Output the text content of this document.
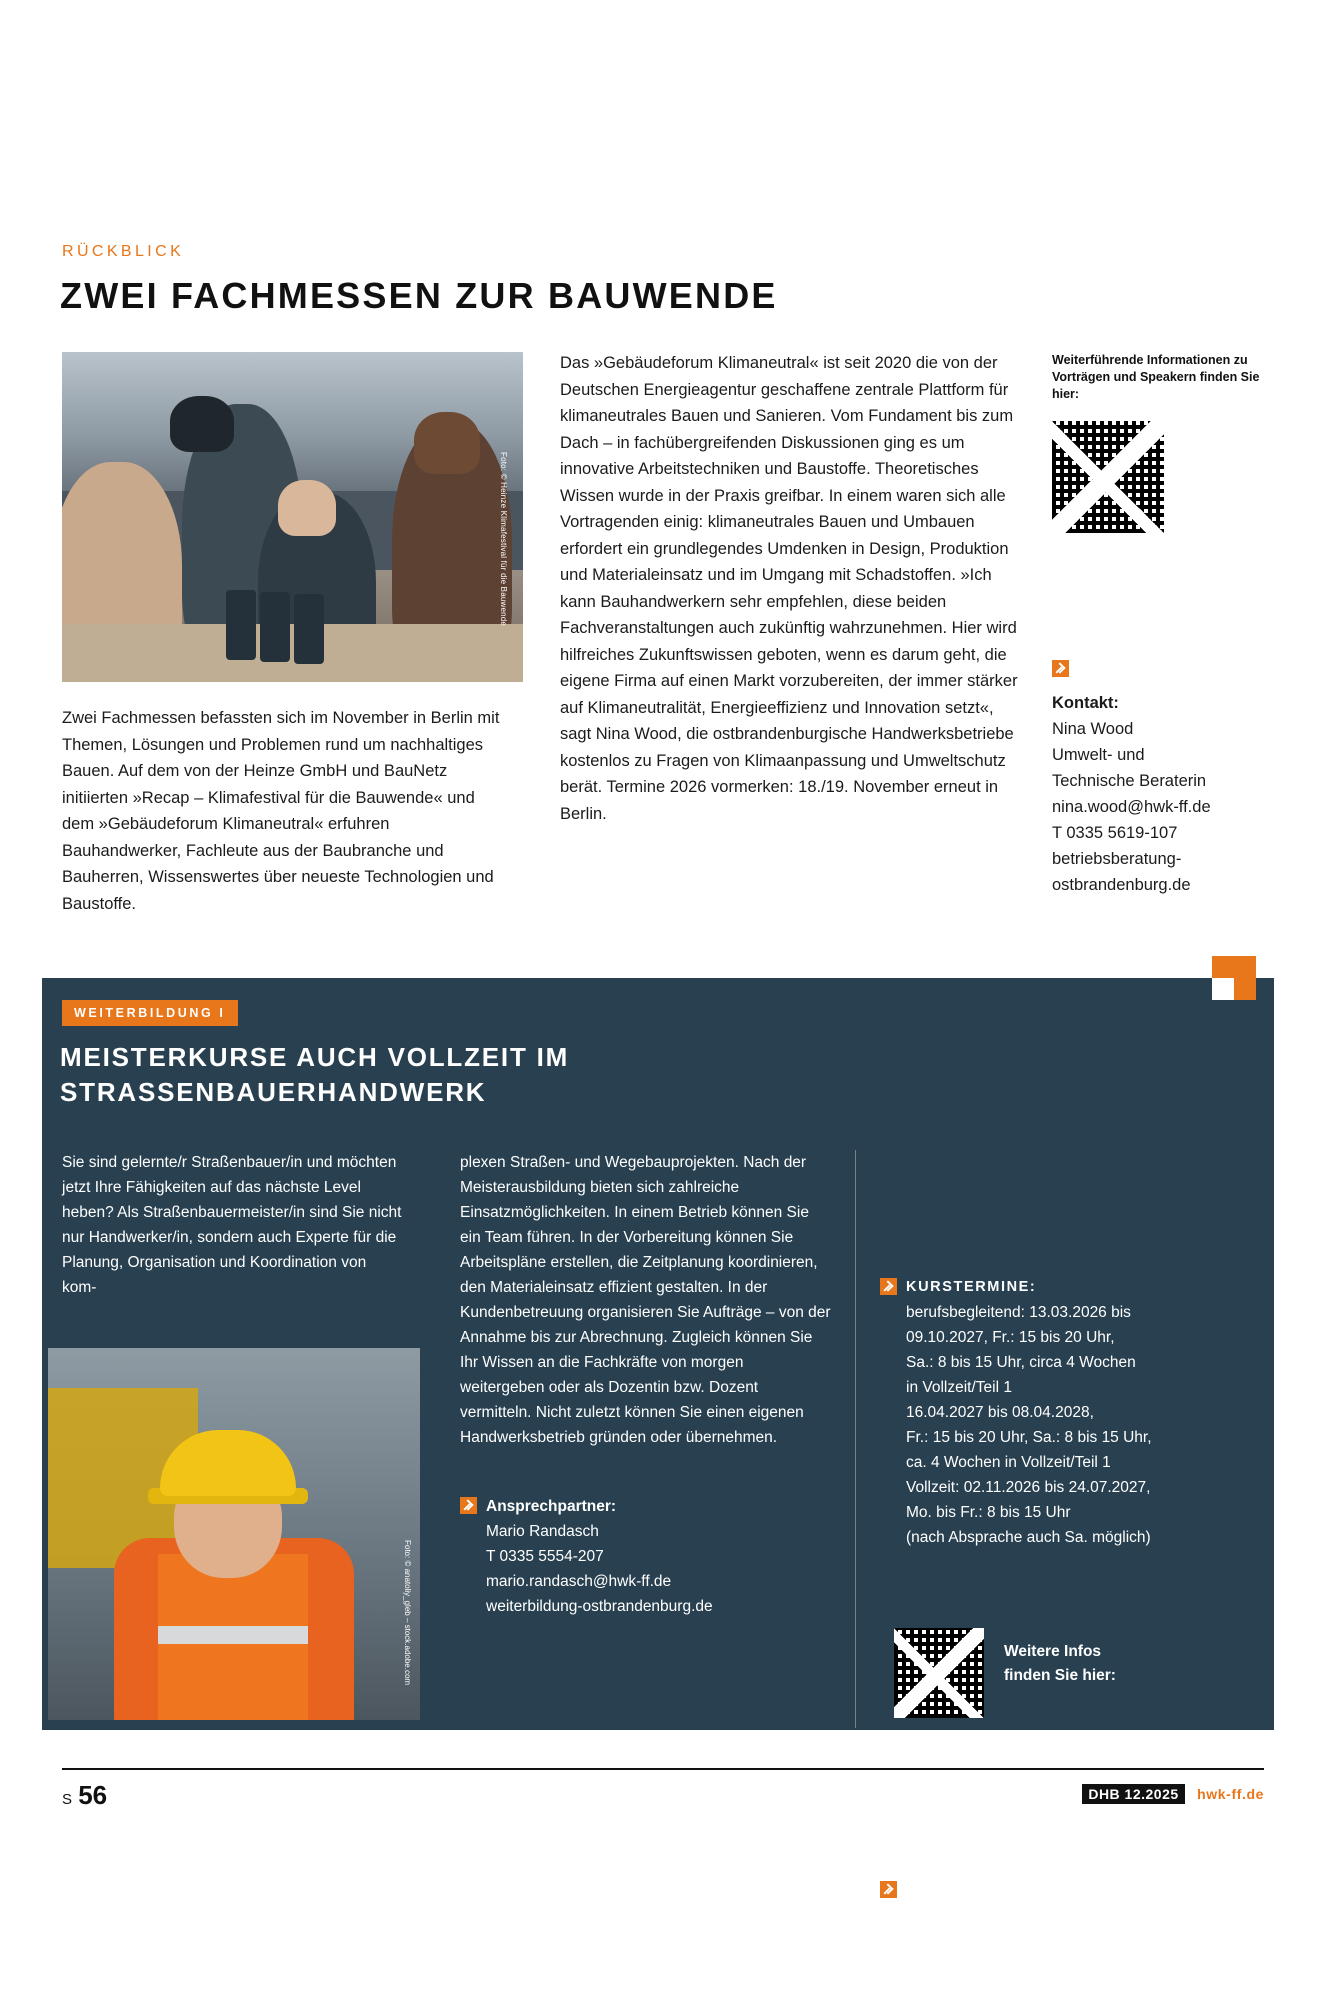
RÜCKBLICK
ZWEI FACHMESSEN ZUR BAUWENDE
Foto: © Heinze Klimafestival für die Bauwende
Zwei Fachmessen befassten sich im November in Berlin mit Themen, Lösungen und Problemen rund um nachhaltiges Bauen. Auf dem von der Heinze GmbH und BauNetz initiierten »Recap – Klimafestival für die Bauwende« und dem »Gebäudeforum Klimaneutral« erfuhren Bauhandwerker, Fachleute aus der Baubranche und Bauherren, Wissenswertes über neueste Technologien und Baustoffe.
Das »Gebäudeforum Klimaneutral« ist seit 2020 die von der Deutschen Energieagentur geschaffene zentrale Plattform für klimaneutrales Bauen und Sanieren. Vom Fundament bis zum Dach – in fachübergreifenden Diskussionen ging es um innovative Arbeitstechniken und Baustoffe. Theoretisches Wissen wurde in der Praxis greifbar. In einem waren sich alle Vortragenden einig: klimaneutrales Bauen und Umbauen erfordert ein grundlegendes Umdenken in Design, Produktion und Materialeinsatz und im Umgang mit Schadstoffen. »Ich kann Bauhandwerkern sehr empfehlen, diese beiden Fachveranstaltungen auch zukünftig wahrzunehmen. Hier wird hilfreiches Zukunftswissen geboten, wenn es darum geht, die eigene Firma auf einen Markt vorzubereiten, der immer stärker auf Klimaneutralität, Energieeffizienz und Innovation setzt«, sagt Nina Wood, die ostbrandenburgische Handwerksbetriebe kostenlos zu Fragen von Klimaanpassung und Umweltschutz berät. Termine 2026 vormerken: 18./19. November erneut in Berlin.
Weiterführende Informationen zu Vorträgen und Speakern finden Sie hier:
Kontakt:
Nina Wood
Umwelt- und
Technische Beraterin
nina.wood@hwk-ff.de
T 0335 5619-107
betriebsberatung-
ostbrandenburg.de
WEITERBILDUNG I
MEISTERKURSE AUCH VOLLZEIT IM
STRASSENBAUERHANDWERK
Sie sind gelernte/r Straßenbauer/in und möchten jetzt Ihre Fähigkeiten auf das nächste Level heben? Als Straßenbauermeister/in sind Sie nicht nur Handwerker/in, sondern auch Experte für die Planung, Organisation und Koordination von kom-
plexen Straßen- und Wegebauprojekten. Nach der Meisterausbildung bieten sich zahlreiche Einsatzmöglichkeiten. In einem Betrieb können Sie ein Team führen. In der Vorbereitung können Sie Arbeitspläne erstellen, die Zeitplanung koordinieren, den Materialeinsatz effizient gestalten. In der Kundenbetreuung organisieren Sie Aufträge – von der Annahme bis zur Abrechnung. Zugleich können Sie Ihr Wissen an die Fachkräfte von morgen weitergeben oder als Dozentin bzw. Dozent vermitteln. Nicht zuletzt können Sie einen eigenen Handwerksbetrieb gründen oder übernehmen.
Foto: © anatoliy_gleb – stock.adobe.com
Ansprechpartner:
Mario Randasch
T 0335 5554-207
mario.randasch@hwk-ff.de
weiterbildung-ostbrandenburg.de
KURSTERMINE:
berufsbegleitend: 13.03.2026 bis
09.10.2027, Fr.: 15 bis 20 Uhr,
Sa.: 8 bis 15 Uhr, circa 4 Wochen
in Vollzeit/Teil 1
16.04.2027 bis 08.04.2028,
Fr.: 15 bis 20 Uhr, Sa.: 8 bis 15 Uhr,
ca. 4 Wochen in Vollzeit/Teil 1
Vollzeit: 02.11.2026 bis 24.07.2027,
Mo. bis Fr.: 8 bis 15 Uhr
(nach Absprache auch Sa. möglich)
Ort: HWK Frankfurt (Oder) –
Region Ostbrandenburg
Bildungsstätte Hennickendorf
Rehfelder Straße 50
15387 Hennickendorf
Weitere Infos
finden Sie hier:
S 56	DHB 12.2025 hwk-ff.de
